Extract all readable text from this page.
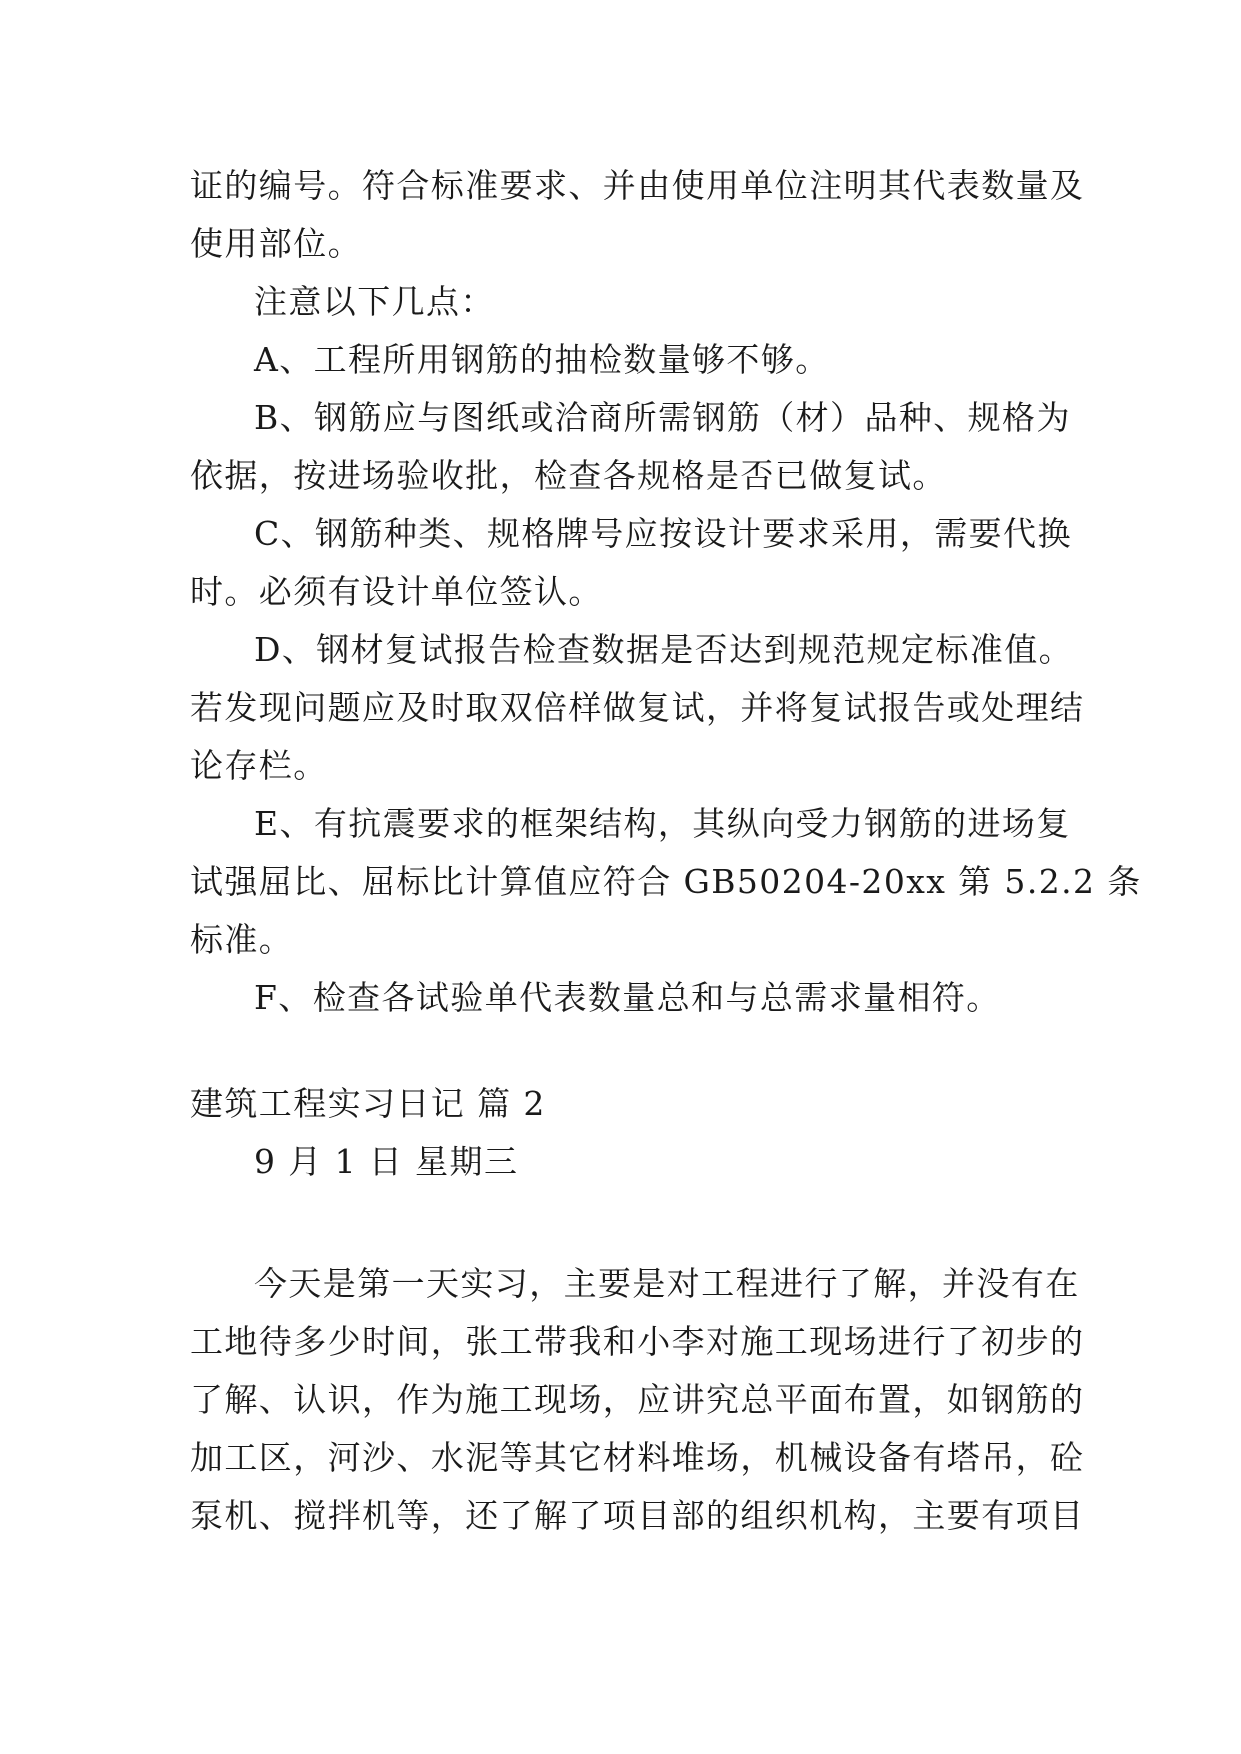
证的编号。符合标准要求、并由使用单位注明其代表数量及
使用部位。
注意以下几点：
A、工程所用钢筋的抽检数量够不够。
B、钢筋应与图纸或洽商所需钢筋（材）品种、规格为
依据，按进场验收批，检查各规格是否已做复试。
C、钢筋种类、规格牌号应按设计要求采用，需要代换
时。必须有设计单位签认。
D、钢材复试报告检查数据是否达到规范规定标准值。
若发现问题应及时取双倍样做复试，并将复试报告或处理结
论存栏。
E、有抗震要求的框架结构，其纵向受力钢筋的进场复
试强屈比、屈标比计算值应符合 GB50204-20xx 第 5.2.2 条
标准。
F、检查各试验单代表数量总和与总需求量相符。
建筑工程实习日记 篇 2
9 月 1 日 星期三
今天是第一天实习，主要是对工程进行了解，并没有在
工地待多少时间，张工带我和小李对施工现场进行了初步的
了解、认识，作为施工现场，应讲究总平面布置，如钢筋的
加工区，河沙、水泥等其它材料堆场，机械设备有塔吊，砼
泵机、搅拌机等，还了解了项目部的组织机构，主要有项目
